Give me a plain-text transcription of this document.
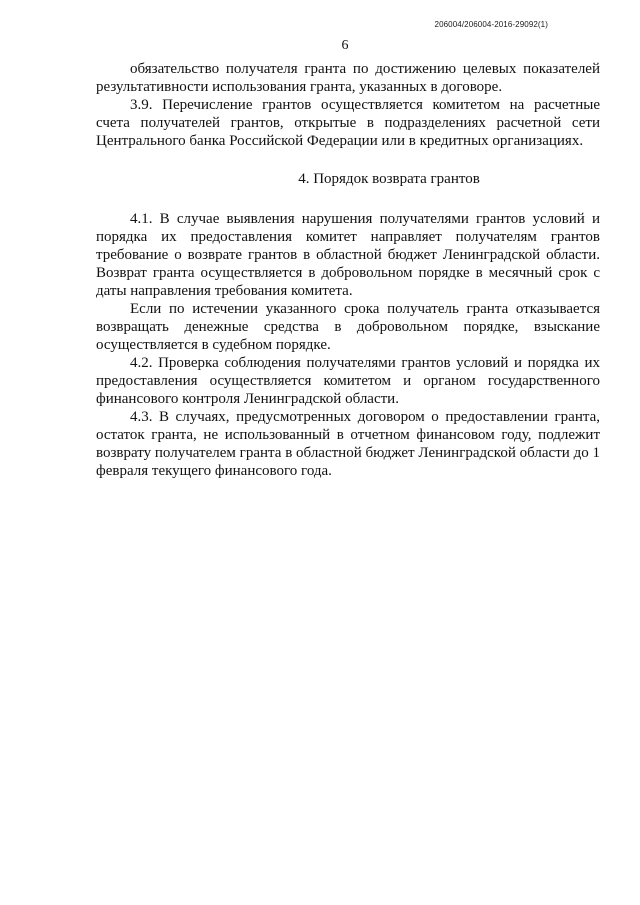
206004/206004-2016-29092(1)
6

обязательство получателя гранта по достижению целевых показателей результативности использования гранта, указанных в договоре.

3.9. Перечисление грантов осуществляется комитетом на расчетные счета получателей грантов, открытые в подразделениях расчетной сети Центрального банка Российской Федерации или в кредитных организациях.

4. Порядок возврата грантов

4.1. В случае выявления нарушения получателями грантов условий и порядка их предоставления комитет направляет получателям грантов требование о возврате грантов в областной бюджет Ленинградской области. Возврат гранта осуществляется в добровольном порядке в месячный срок с даты направления требования комитета.

Если по истечении указанного срока получатель гранта отказывается возвращать денежные средства в добровольном порядке, взыскание осуществляется в судебном порядке.

4.2. Проверка соблюдения получателями грантов условий и порядка их предоставления осуществляется комитетом и органом государственного финансового контроля Ленинградской области.

4.3. В случаях, предусмотренных договором о предоставлении гранта, остаток гранта, не использованный в отчетном финансовом году, подлежит возврату получателем гранта в областной бюджет Ленинградской области до 1 февраля текущего финансового года.
